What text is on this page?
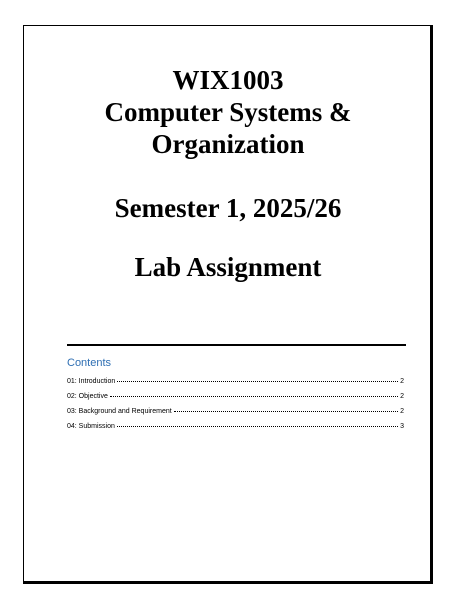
WIX1003
Computer Systems &
Organization
Semester 1, 2025/26
Lab Assignment
Contents
01: Introduction	2
02: Objective	2
03: Background and Requirement	2
04: Submission	3
